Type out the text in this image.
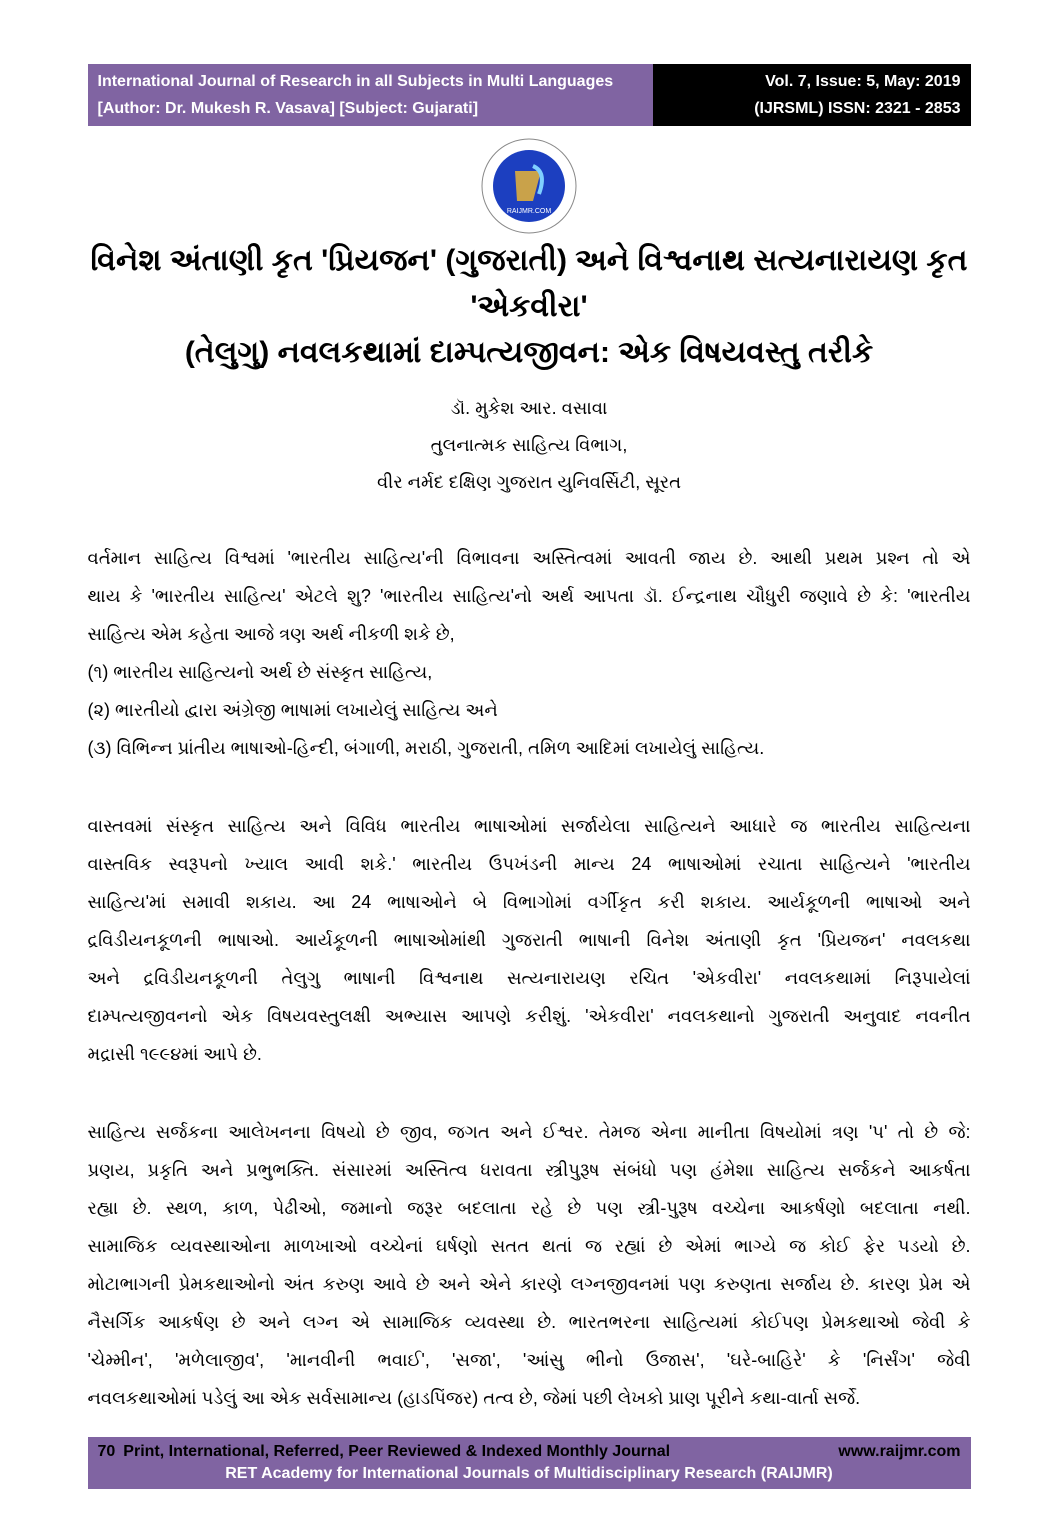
International Journal of Research in all Subjects in Multi Languages
[Author: Dr. Mukesh R. Vasava] [Subject: Gujarati]
Vol. 7, Issue: 5, May: 2019
(IJRSML) ISSN: 2321 - 2853
RAIJMR.COM
વિનેશ અંતાણી કૃત 'પ્રિયજન' (ગુજરાતી) અને વિશ્વનાથ સત્યનારાયણ કૃત 'એકવીરા'
(તેલુગુ) નવલકથામાં દામ્પત્યજીવન: એક વિષયવસ્તુ તરીકે
ડૉ. મુકેશ આર. વસાવા
તુલનાત્મક સાહિત્ય વિભાગ,
વીર નર્મદ દક્ષિણ ગુજરાત યુનિવર્સિટી, સૂરત
વર્તમાન સાહિત્ય વિશ્વમાં 'ભારતીય સાહિત્ય'ની વિભાવના અસ્તિત્વમાં આવતી જાય છે. આથી પ્રથમ પ્રશ્ન તો એ
થાય કે 'ભારતીય સાહિત્ય' એટલે શુ? 'ભારતીય સાહિત્ય'નો અર્થ આપતા ડૉ. ઈન્દ્રનાથ ચૌધુરી જણાવે છે કે: 'ભારતીય
સાહિત્ય એમ કહેતા આજે ત્રણ અર્થ નીકળી શકે છે,
(૧) ભારતીય સાહિત્યનો અર્થ છે સંસ્કૃત સાહિત્ય,
(૨) ભારતીયો દ્વારા અંગ્રેજી ભાષામાં લખાયેલું સાહિત્ય અને
(૩) વિભિન્ન પ્રાંતીય ભાષાઓ-હિન્દી, બંગાળી, મરાઠી, ગુજરાતી, તમિળ આદિમાં લખાયેલું સાહિત્ય.
વાસ્તવમાં સંસ્કૃત સાહિત્ય અને વિવિધ ભારતીય ભાષાઓમાં સર્જાયેલા સાહિત્યને આધારે જ ભારતીય સાહિત્યના
વાસ્તવિક સ્વરૂપનો ખ્યાલ આવી શકે.' ભારતીય ઉપખંડની માન્ય 24 ભાષાઓમાં રચાતા સાહિત્યને 'ભારતીય
સાહિત્ય'માં સમાવી શકાય. આ 24 ભાષાઓને બે વિભાગોમાં વર્ગીકૃત કરી શકાય. આર્યકૂળની ભાષાઓ અને
દ્રવિડીયનકૂળની ભાષાઓ. આર્યકૂળની ભાષાઓમાંથી ગુજરાતી ભાષાની વિનેશ અંતાણી કૃત 'પ્રિયજન' નવલકથા
અને દ્રવિડીયનકૂળની તેલુગુ ભાષાની વિશ્વનાથ સત્યનારાયણ રચિત 'એકવીરા' નવલકથામાં નિરૂપાયેલાં
દામ્પત્યજીવનનો એક વિષયવસ્તુલક્ષી અભ્યાસ આપણે કરીશું. 'એકવીરા' નવલકથાનો ગુજરાતી અનુવાદ નવનીત
મદ્રાસી ૧૯૯૪માં આપે છે.
સાહિત્ય સર્જકના આલેખનના વિષયો છે જીવ, જગત અને ઈશ્વર. તેમજ એના માનીતા વિષયોમાં ત્રણ 'પ' તો છે જે:
પ્રણય, પ્રકૃતિ અને પ્રભુભક્તિ. સંસારમાં અસ્તિત્વ ધરાવતા સ્ત્રીપુરૂષ સંબંધો પણ હંમેશા સાહિત્ય સર્જકને આકર્ષતા
રહ્યા છે. સ્થળ, કાળ, પેઢીઓ, જમાનો જરૂર બદલાતા રહે છે પણ સ્ત્રી-પુરૂષ વચ્ચેના આકર્ષણો બદલાતા નથી.
સામાજિક વ્યવસ્થાઓના માળખાઓ વચ્ચેનાં ઘર્ષણો સતત થતાં જ રહ્યાં છે એમાં ભાગ્યે જ કોઈ ફેર પડયો છે.
મોટાભાગની પ્રેમકથાઓનો અંત કરુણ આવે છે અને એને કારણે લગ્નજીવનમાં પણ કરુણતા સર્જાય છે. કારણ પ્રેમ એ
નૈસર્ગિક આકર્ષણ છે અને લગ્ન એ સામાજિક વ્યવસ્થા છે. ભારતભરના સાહિત્યમાં કોઈપણ પ્રેમકથાઓ જેવી કે
'ચેમ્મીન', 'મળેલાજીવ', 'માનવીની ભવાઈ', 'સજા', 'આંસુ ભીનો ઉજાસ', 'ઘરે-બાહિરે' કે 'નિર્સંગ' જેવી
નવલકથાઓમાં પડેલું આ એક સર્વસામાન્ય (હાડપિંજર) તત્વ છે, જેમાં પછી લેખકો પ્રાણ પૂરીને કથા-વાર્તા સર્જે.
70 Print, International, Referred, Peer Reviewed & Indexed Monthly Journal	www.raijmr.com
RET Academy for International Journals of Multidisciplinary Research (RAIJMR)
